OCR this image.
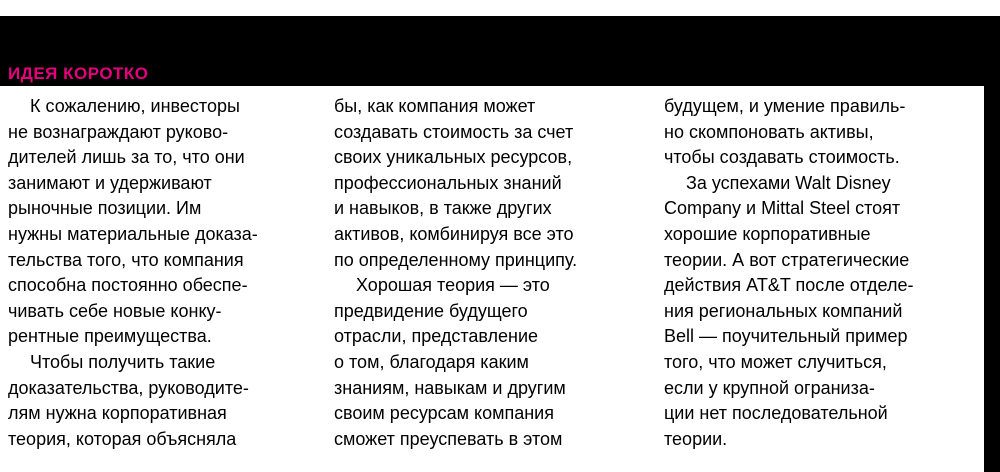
ИДЕЯ КОРОТКО
К сожалению, инвесторы
не вознаграждают руково-
дителей лишь за то, что они
занимают и удерживают
рыночные позиции. Им
нужны материальные доказа-
тельства того, что компания
способна постоянно обеспе-
чивать себе новые конку-
рентные преимущества.
Чтобы получить такие
доказательства, руководите-
лям нужна корпоративная
теория, которая объясняла
бы, как компания может
создавать стоимость за счет
своих уникальных ресурсов,
профессиональных знаний
и навыков, в также других
активов, комбинируя все это
по определенному принципу.
Хорошая теория — это
предвидение будущего
отрасли, представление
о том, благодаря каким
знаниям, навыкам и другим
своим ресурсам компания
сможет преуспевать в этом
будущем, и умение правиль-
но скомпоновать активы,
чтобы создавать стоимость.
За успехами Walt Disney
Company и Mittal Steel стоят
хорошие корпоративные
теории. А вот стратегические
действия AT&T после отделе-
ния региональных компаний
Bell — поучительный пример
того, что может случиться,
если у крупной огранизa-
ции нет последовательной
теории.
